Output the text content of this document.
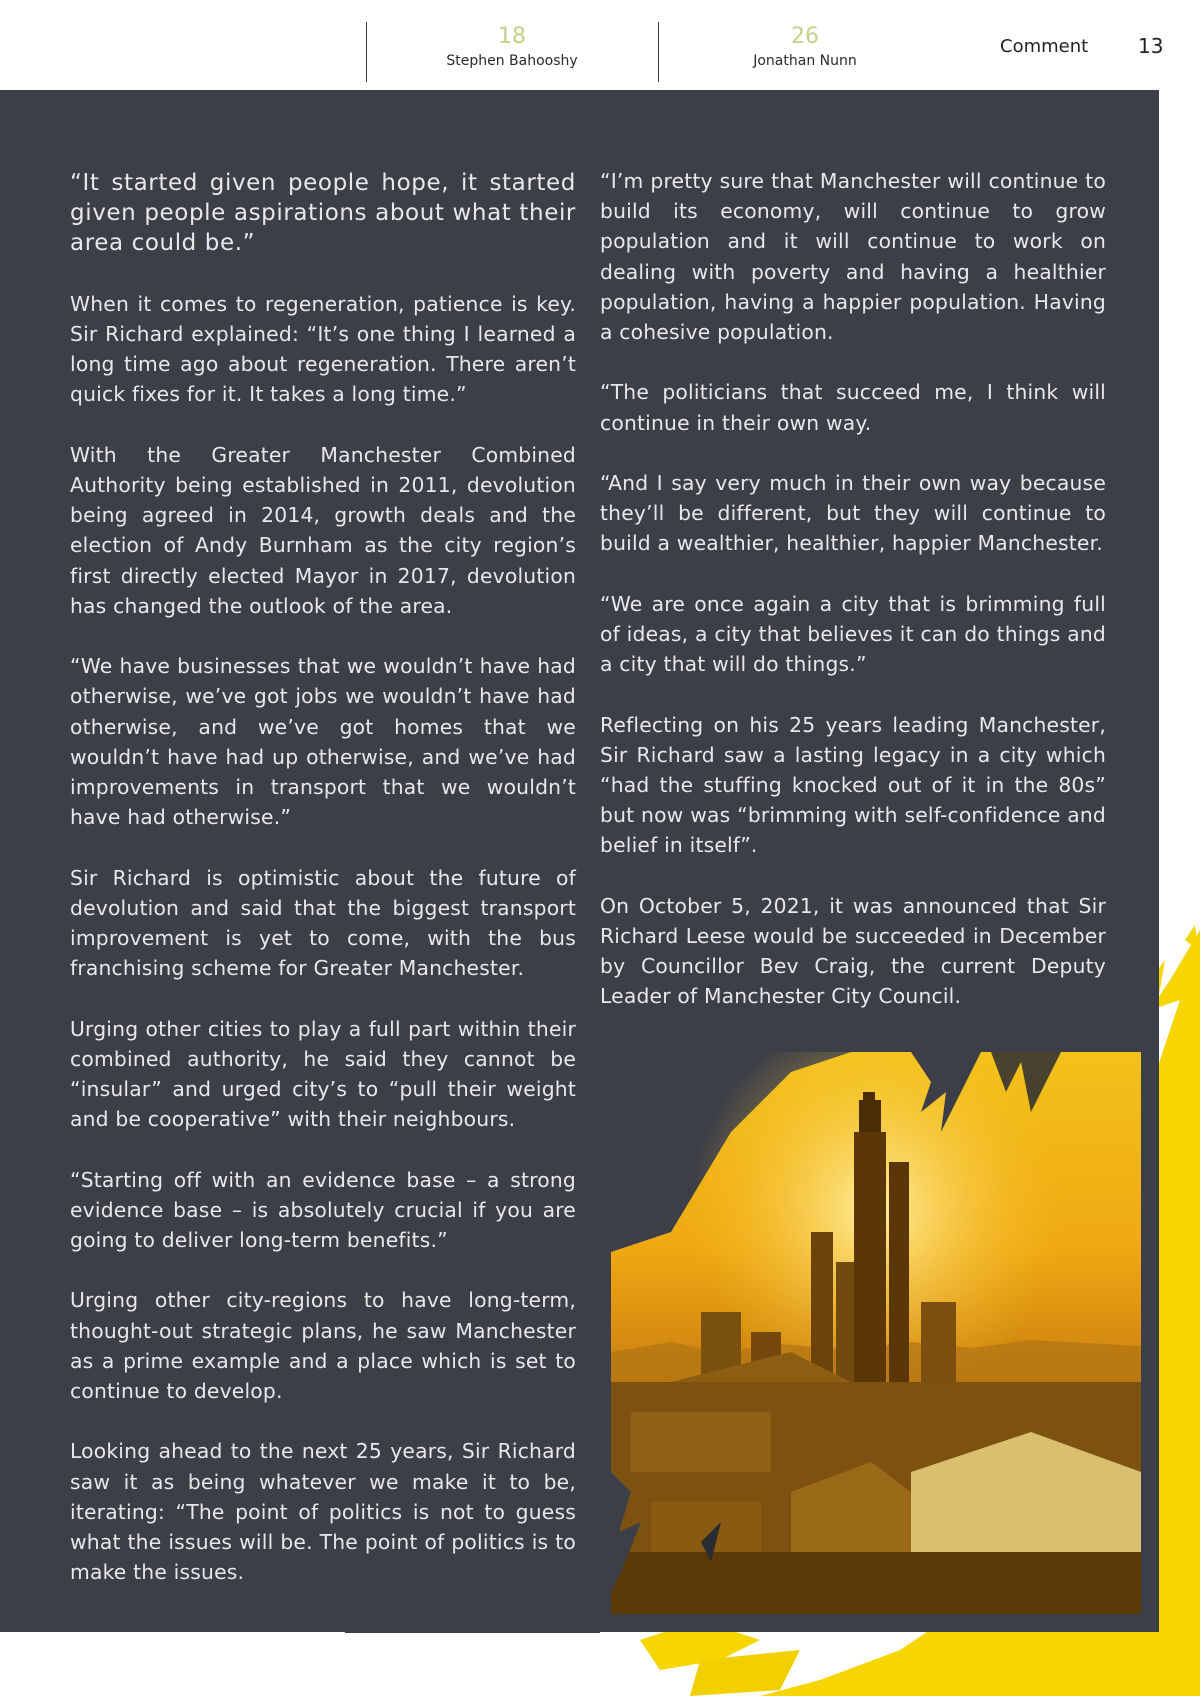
18
Stephen Bahooshy
26
Jonathan Nunn
Comment 13

“It started given people hope, it started given people aspirations about what their area could be.”

When it comes to regeneration, patience is key. Sir Richard explained: “It’s one thing I learned a long time ago about regeneration. There aren’t quick fixes for it. It takes a long time.”

With the Greater Manchester Combined Authority being established in 2011, devolution being agreed in 2014, growth deals and the election of Andy Burnham as the city region’s first directly elected Mayor in 2017, devolution has changed the outlook of the area.

“We have businesses that we wouldn’t have had otherwise, we’ve got jobs we wouldn’t have had otherwise, and we’ve got homes that we wouldn’t have had up otherwise, and we’ve had improvements in transport that we wouldn’t have had otherwise.”

Sir Richard is optimistic about the future of devolution and said that the biggest transport improvement is yet to come, with the bus franchising scheme for Greater Manchester.

Urging other cities to play a full part within their combined authority, he said they cannot be “insular” and urged city’s to “pull their weight and be cooperative” with their neighbours.

“Starting off with an evidence base – a strong evidence base – is absolutely crucial if you are going to deliver long-term benefits.”

Urging other city-regions to have long-term, thought-out strategic plans, he saw Manchester as a prime example and a place which is set to continue to develop.

Looking ahead to the next 25 years, Sir Richard saw it as being whatever we make it to be, iterating: “The point of politics is not to guess what the issues will be. The point of politics is to make the issues.

“I’m pretty sure that Manchester will continue to build its economy, will continue to grow population and it will continue to work on dealing with poverty and having a healthier population, having a happier population. Having a cohesive population.

“The politicians that succeed me, I think will continue in their own way.

“And I say very much in their own way because they’ll be different, but they will continue to build a wealthier, healthier, happier Manchester.

“We are once again a city that is brimming full of ideas, a city that believes it can do things and a city that will do things.”

Reflecting on his 25 years leading Manchester, Sir Richard saw a lasting legacy in a city which “had the stuffing knocked out of it in the 80s” but now was “brimming with self-confidence and belief in itself”.

On October 5, 2021, it was announced that Sir Richard Leese would be succeeded in December by Councillor Bev Craig, the current Deputy Leader of Manchester City Council.
